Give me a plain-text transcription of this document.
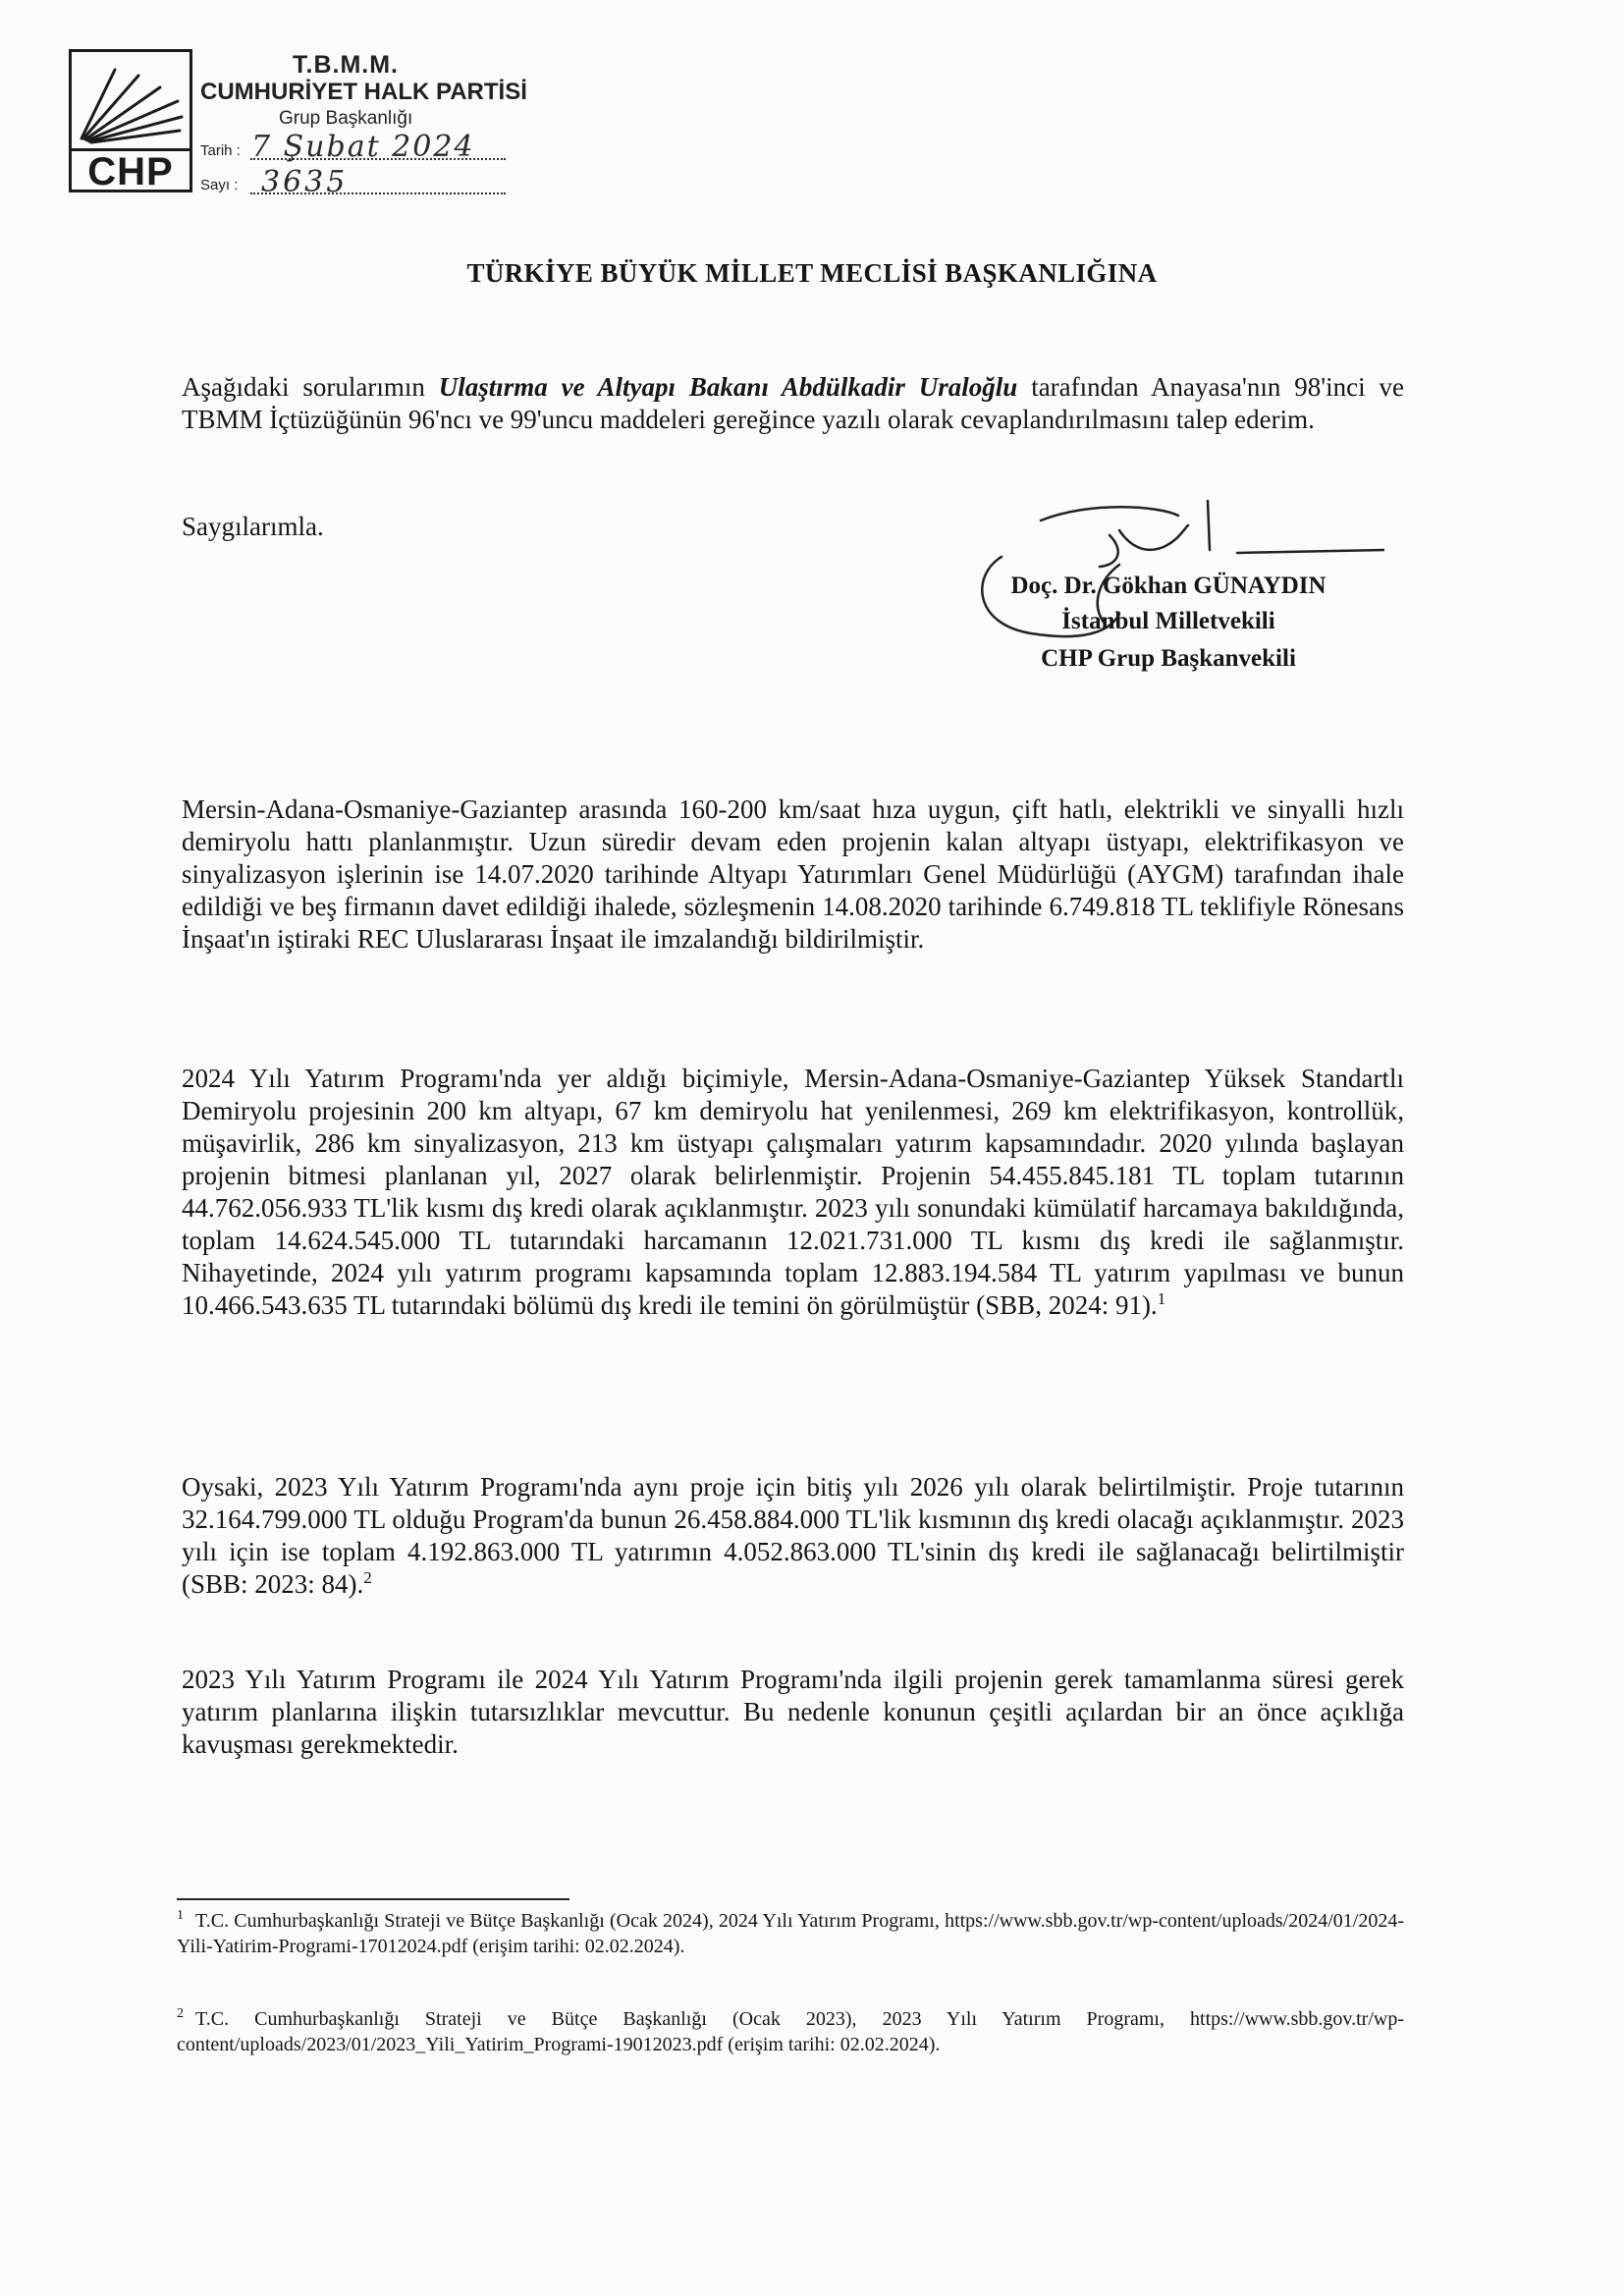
CHP
T.B.M.M.
CUMHURİYET HALK PARTİSİ
Grup Başkanlığı
Tarih : 7 Şubat 2024
Sayı : 3635
TÜRKİYE BÜYÜK MİLLET MECLİSİ BAŞKANLIĞINA

Aşağıdaki sorularımın Ulaştırma ve Altyapı Bakanı Abdülkadir Uraloğlu tarafından Anayasa'nın 98'inci ve TBMM İçtüzüğünün 96'ncı ve 99'uncu maddeleri gereğince yazılı olarak cevaplandırılmasını talep ederim.

Saygılarımla.

Doç. Dr. Gökhan GÜNAYDIN
İstanbul Milletvekili
CHP Grup Başkanvekili

Mersin-Adana-Osmaniye-Gaziantep arasında 160-200 km/saat hıza uygun, çift hatlı, elektrikli ve sinyalli hızlı demiryolu hattı planlanmıştır. Uzun süredir devam eden projenin kalan altyapı üstyapı, elektrifikasyon ve sinyalizasyon işlerinin ise 14.07.2020 tarihinde Altyapı Yatırımları Genel Müdürlüğü (AYGM) tarafından ihale edildiği ve beş firmanın davet edildiği ihalede, sözleşmenin 14.08.2020 tarihinde 6.749.818 TL teklifiyle Rönesans İnşaat'ın iştiraki REC Uluslararası İnşaat ile imzalandığı bildirilmiştir.

2024 Yılı Yatırım Programı'nda yer aldığı biçimiyle, Mersin-Adana-Osmaniye-Gaziantep Yüksek Standartlı Demiryolu projesinin 200 km altyapı, 67 km demiryolu hat yenilenmesi, 269 km elektrifikasyon, kontrollük, müşavirlik, 286 km sinyalizasyon, 213 km üstyapı çalışmaları yatırım kapsamındadır. 2020 yılında başlayan projenin bitmesi planlanan yıl, 2027 olarak belirlenmiştir. Projenin 54.455.845.181 TL toplam tutarının 44.762.056.933 TL'lik kısmı dış kredi olarak açıklanmıştır. 2023 yılı sonundaki kümülatif harcamaya bakıldığında, toplam 14.624.545.000 TL tutarındaki harcamanın 12.021.731.000 TL kısmı dış kredi ile sağlanmıştır. Nihayetinde, 2024 yılı yatırım programı kapsamında toplam 12.883.194.584 TL yatırım yapılması ve bunun 10.466.543.635 TL tutarındaki bölümü dış kredi ile temini ön görülmüştür (SBB, 2024: 91).$^1$

Oysaki, 2023 Yılı Yatırım Programı'nda aynı proje için bitiş yılı 2026 yılı olarak belirtilmiştir. Proje tutarının 32.164.799.000 TL olduğu Program'da bunun 26.458.884.000 TL'lik kısmının dış kredi olacağı açıklanmıştır. 2023 yılı için ise toplam 4.192.863.000 TL yatırımın 4.052.863.000 TL'sinin dış kredi ile sağlanacağı belirtilmiştir (SBB: 2023: 84).$^2$

2023 Yılı Yatırım Programı ile 2024 Yılı Yatırım Programı'nda ilgili projenin gerek tamamlanma süresi gerek yatırım planlarına ilişkin tutarsızlıklar mevcuttur. Bu nedenle konunun çeşitli açılardan bir an önce açıklığa kavuşması gerekmektedir.

$^1$ T.C. Cumhurbaşkanlığı Strateji ve Bütçe Başkanlığı (Ocak 2024), 2024 Yılı Yatırım Programı, https://www.sbb.gov.tr/wp-content/uploads/2024/01/2024-Yili-Yatirim-Programi-17012024.pdf (erişim tarihi: 02.02.2024).

$^2$ T.C. Cumhurbaşkanlığı Strateji ve Bütçe Başkanlığı (Ocak 2023), 2023 Yılı Yatırım Programı, https://www.sbb.gov.tr/wp-content/uploads/2023/01/2023_Yili_Yatirim_Programi-19012023.pdf (erişim tarihi: 02.02.2024).
